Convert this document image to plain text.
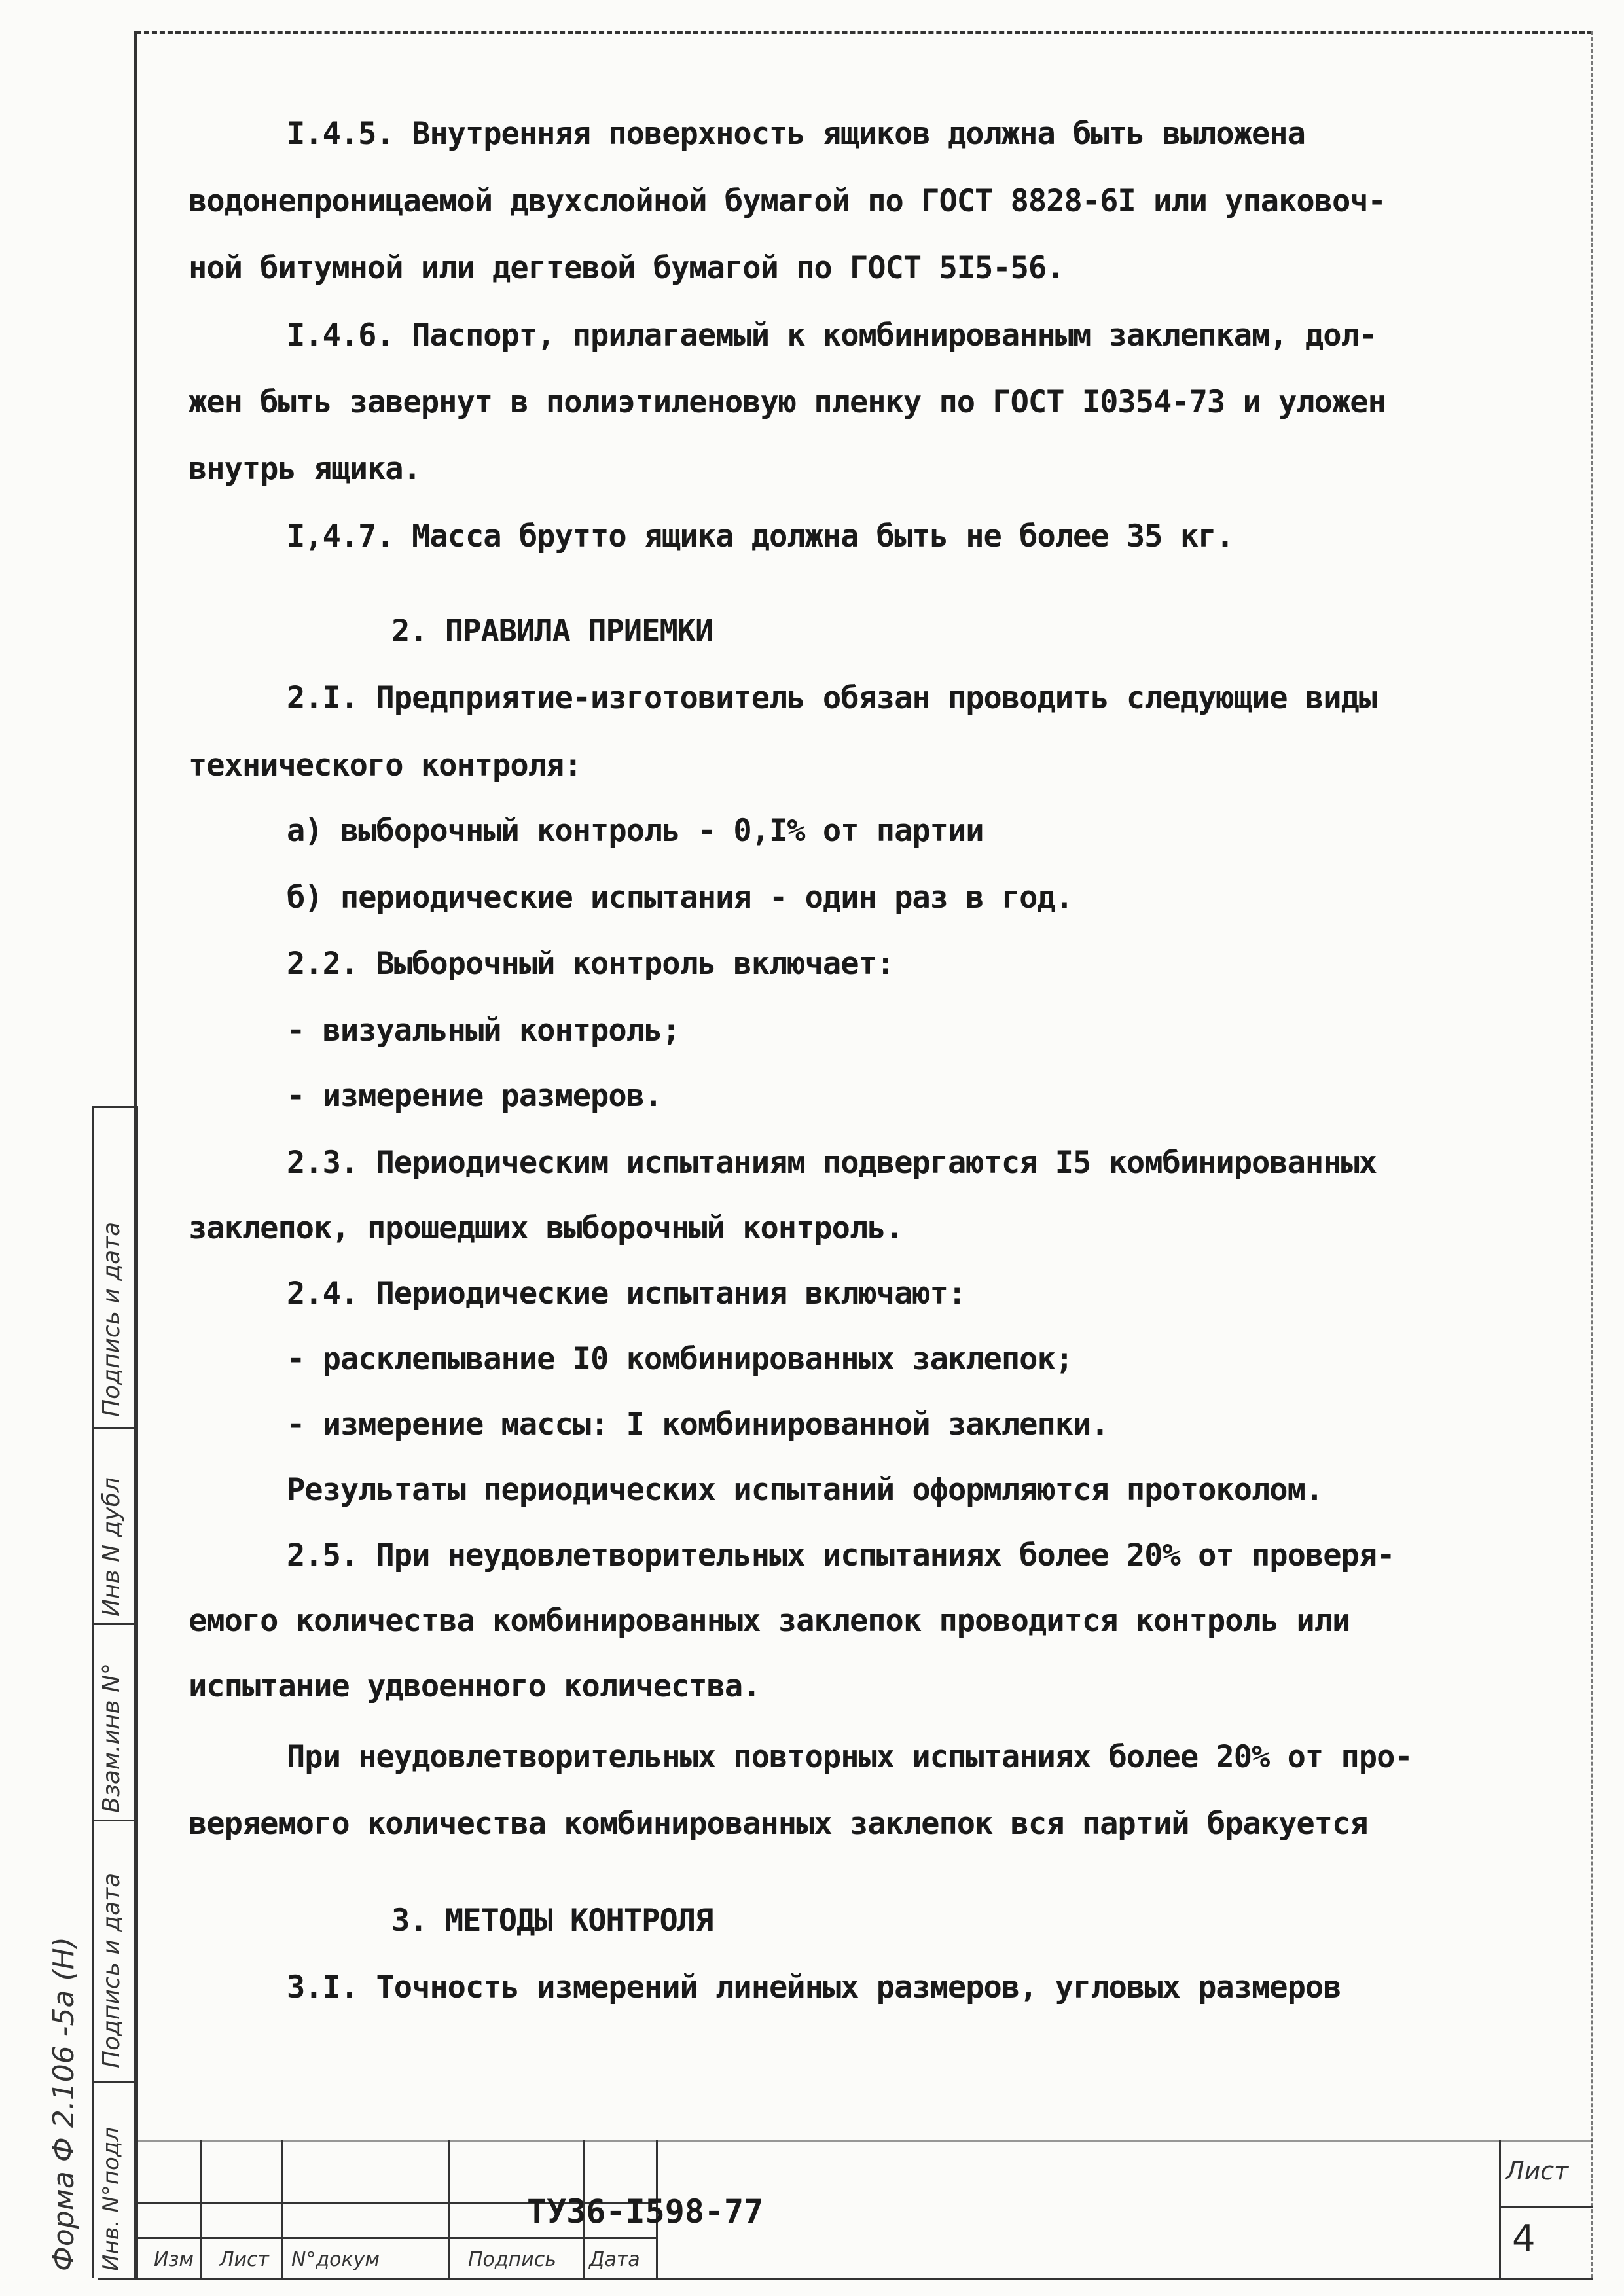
I.4.5. Внутренняя поверхность ящиков должна быть выложена
водонепроницаемой двухслойной бумагой по ГОСТ 8828-6I или упаковоч-
ной битумной или дегтевой бумагой по ГОСТ 5I5-56.
I.4.6. Паспорт, прилагаемый к комбинированным заклепкам, дол-
жен быть завернут в полиэтиленовую пленку по ГОСТ I0354-73 и уложен
внутрь ящика.
I,4.7. Масса брутто ящика должна быть не более 35 кг.
2. ПРАВИЛА ПРИЕМКИ
2.I. Предприятие-изготовитель обязан проводить следующие виды
технического контроля:
а) выборочный контроль - 0,I% от партии
б) периодические испытания - один раз в год.
2.2. Выборочный контроль включает:
- визуальный контроль;
- измерение размеров.
2.3. Периодическим испытаниям подвергаются I5 комбинированных
заклепок, прошедших выборочный контроль.
2.4. Периодические испытания включают:
- расклепывание I0 комбинированных заклепок;
- измерение массы: I комбинированной заклепки.
Результаты периодических испытаний оформляются протоколом.
2.5. При неудовлетворительных испытаниях более 20% от проверя-
емого количества комбинированных заклепок проводится контроль или
испытание удвоенного количества.
При неудовлетворительных повторных испытаниях более 20% от про-
веряемого количества комбинированных заклепок вся партий бракуется
3. МЕТОДЫ КОНТРОЛЯ
3.I. Точность измерений линейных размеров, угловых размеров
Форма Ф 2.106 -5а (Н) Инв. N°подл
Подпись и дата
Взам.инв N°
Инв N дубл
Подпись и дата
Изм Лист N°докум	Подпись Дата
ТУ36-I598-77
Лист
4
